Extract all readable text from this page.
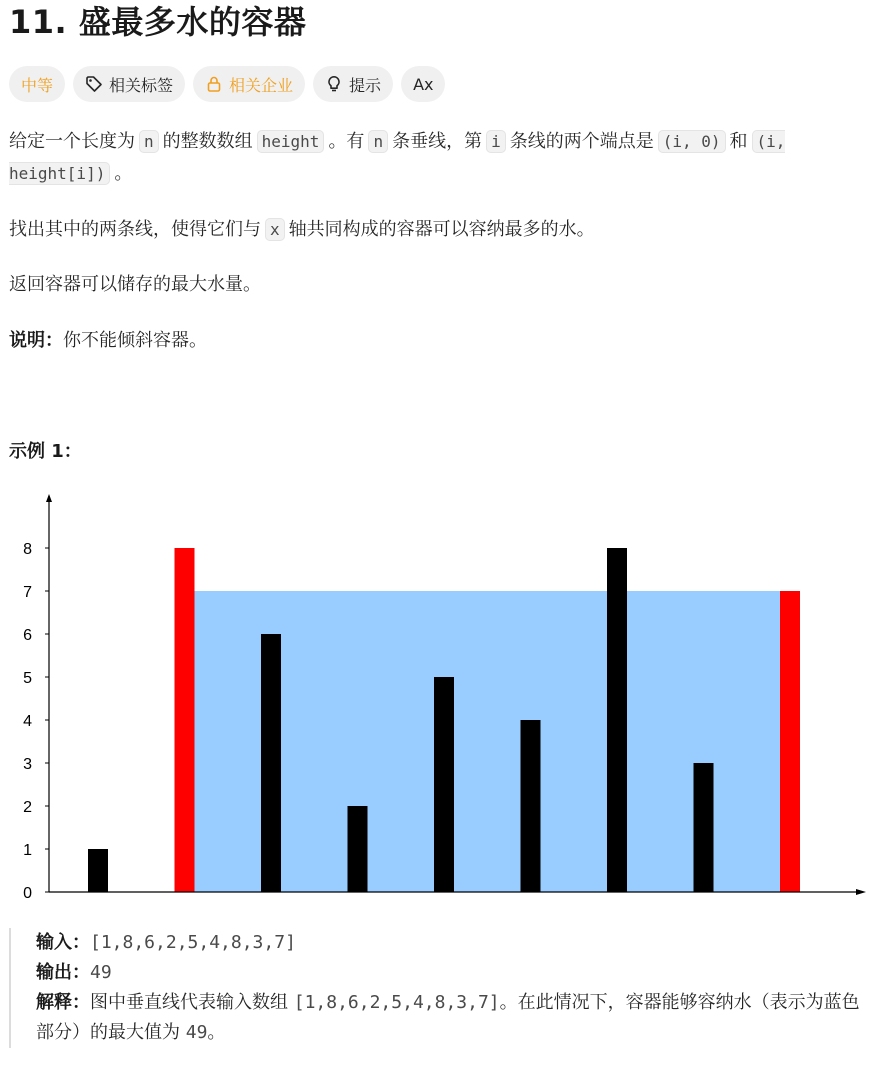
11. 盛最多水的容器
中等	相关标签	相关企业	提示 Ax
给定一个长度为 n 的整数数组 height 。有 n 条垂线，第 i 条线的两个端点是 (i, 0) 和 (i, height[i]) 。
找出其中的两条线，使得它们与 x 轴共同构成的容器可以容纳最多的水。
返回容器可以储存的最大水量。
说明：你不能倾斜容器。
示例 1：
0
1
2
3
4
5
6
7
8
输入：[1,8,6,2,5,4,8,3,7]
输出：49
解释：图中垂直线代表输入数组 [1,8,6,2,5,4,8,3,7]。在此情况下，容器能够容纳水（表示为蓝色部分）的最大值为 49。
